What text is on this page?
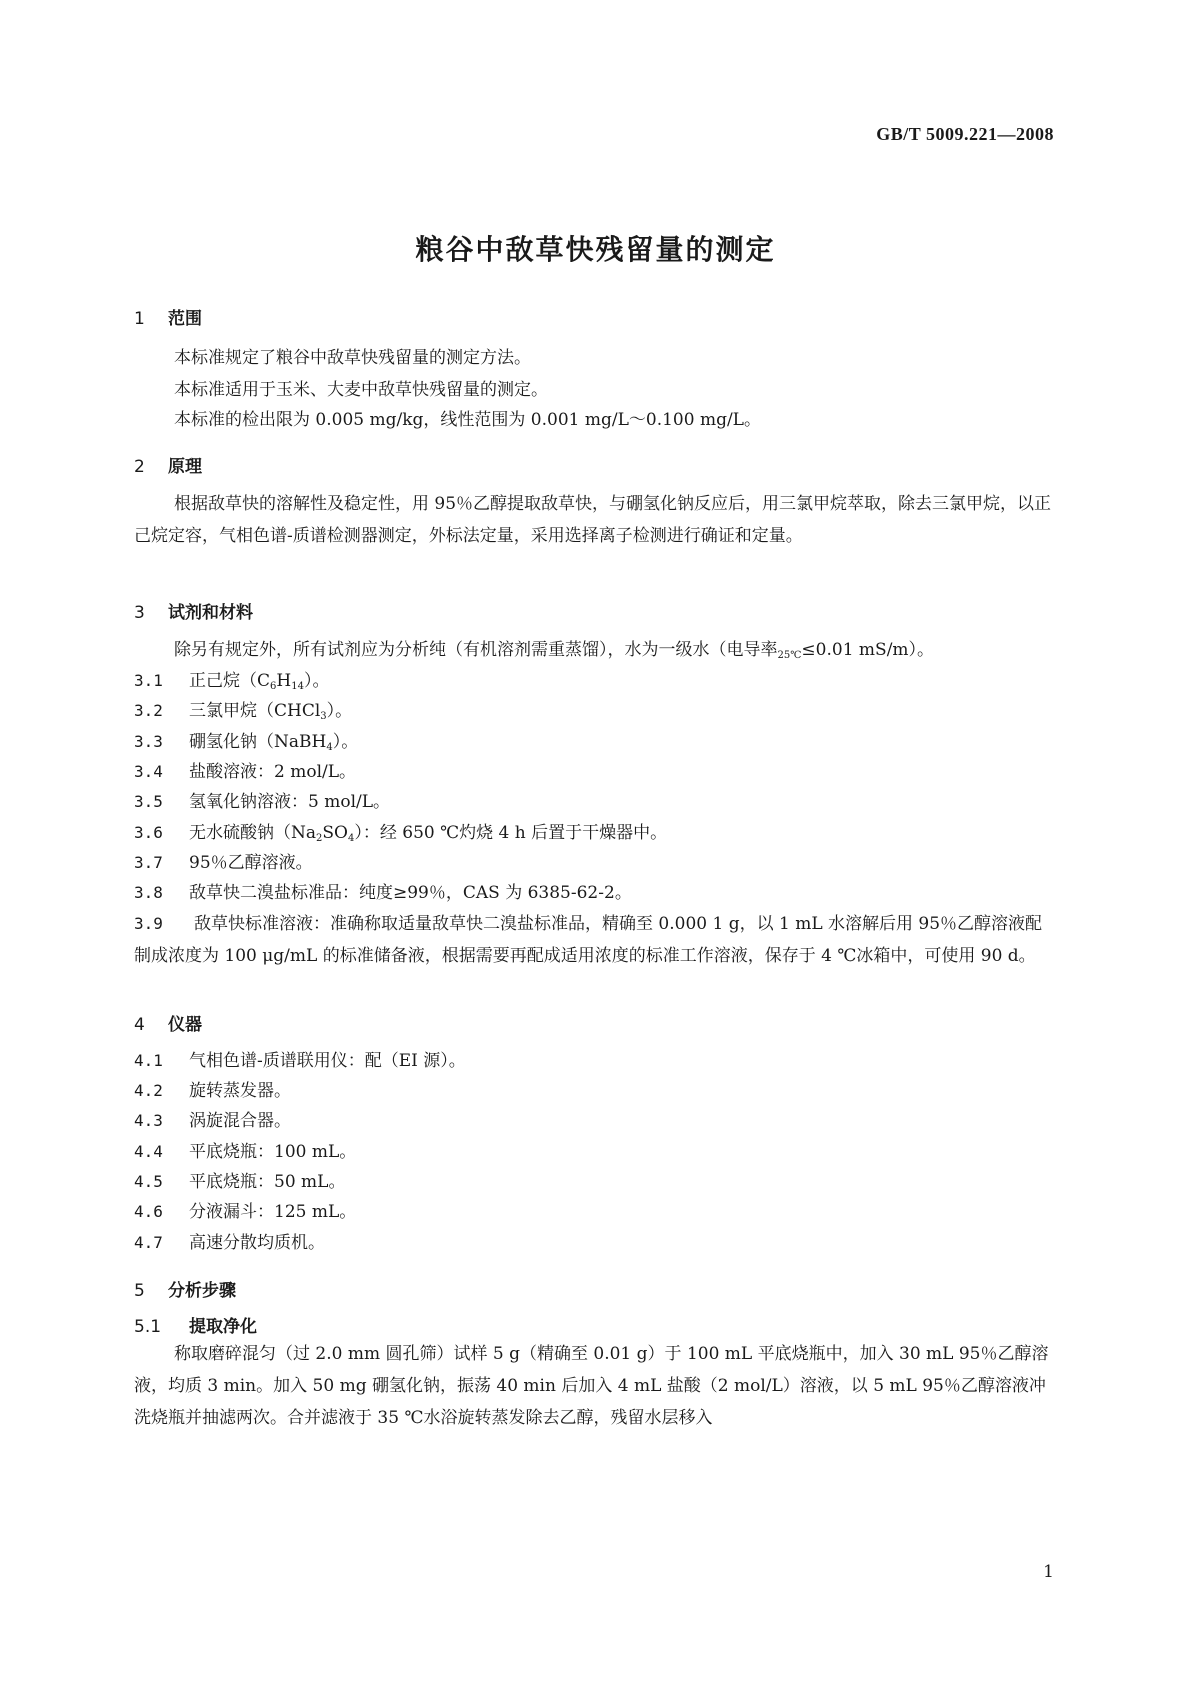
GB/T 5009.221—2008
粮谷中敌草快残留量的测定
1 范围
本标准规定了粮谷中敌草快残留量的测定方法。
本标准适用于玉米、大麦中敌草快残留量的测定。
本标准的检出限为 0.005 mg/kg，线性范围为 0.001 mg/L～0.100 mg/L。
2 原理
根据敌草快的溶解性及稳定性，用 95％乙醇提取敌草快，与硼氢化钠反应后，用三氯甲烷萃取，除去三氯甲烷，以正己烷定容，气相色谱-质谱检测器测定，外标法定量，采用选择离子检测进行确证和定量。
3 试剂和材料
除另有规定外，所有试剂应为分析纯（有机溶剂需重蒸馏），水为一级水（电导率$_{25℃}$≤0.01 mS/m）。
3.1 正己烷$(C_6H_{14})$。
3.2 三氯甲烷（CHCl$_3$）。
3.3 硼氢化钠（NaBH$_4$）。
3.4 盐酸溶液：2 mol/L。
3.5 氢氧化钠溶液：5 mol/L。
3.6 无水硫酸钠$(Na_2SO_4)$：经 650 ℃灼烧 4 h 后置于干燥器中。
3.7 95％乙醇溶液。
3.8 敌草快二溴盐标准品：纯度≥99％，CAS 为 6385-62-2。
3.9 敌草快标准溶液：准确称取适量敌草快二溴盐标准品，精确至 0.000 1 g，以 1 mL 水溶解后用 95％乙醇溶液配制成浓度为 100 μg/mL 的标准储备液，根据需要再配成适用浓度的标准工作溶液，保存于 4 ℃冰箱中，可使用 90 d。
4 仪器
4.1 气相色谱-质谱联用仪：配（EI 源）。
4.2 旋转蒸发器。
4.3 涡旋混合器。
4.4 平底烧瓶：100 mL。
4.5 平底烧瓶：50 mL。
4.6 分液漏斗：125 mL。
4.7 高速分散均质机。
5 分析步骤
5.1 提取净化
称取磨碎混匀（过 2.0 mm 圆孔筛）试样 5 g（精确至 0.01 g）于 100 mL 平底烧瓶中，加入 30 mL 95％乙醇溶液，均质 3 min。加入 50 mg 硼氢化钠，振荡 40 min 后加入 4 mL 盐酸（2 mol/L）溶液，以 5 mL 95％乙醇溶液冲洗烧瓶并抽滤两次。合并滤液于 35 ℃水浴旋转蒸发除去乙醇，残留水层移入
1
